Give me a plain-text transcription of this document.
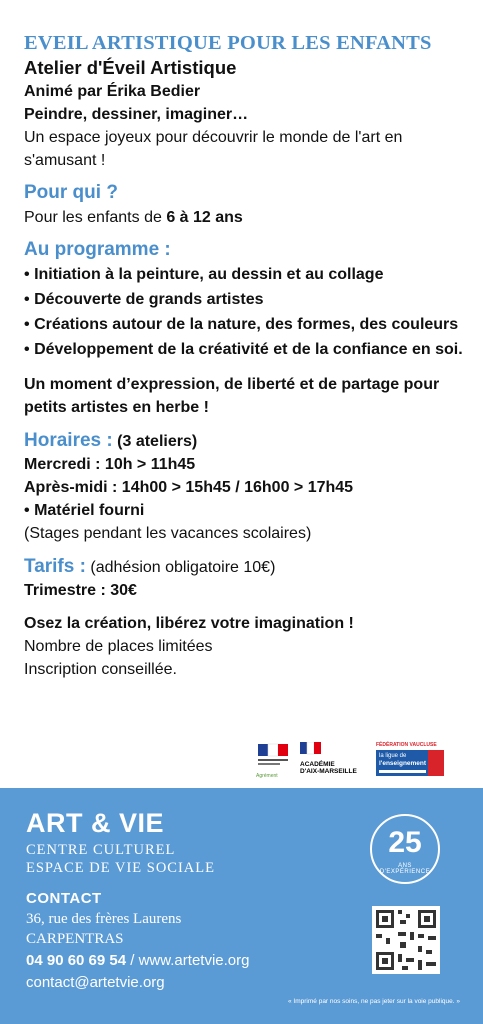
EVEIL ARTISTIQUE POUR LES ENFANTS
Atelier d'Éveil Artistique
Animé par Érika Bedier
Peindre, dessiner, imaginer…
Un espace joyeux pour découvrir le monde de l'art en s'amusant !
Pour qui ?
Pour les enfants de 6 à 12 ans
Au programme :
• Initiation à la peinture, au dessin et au collage
• Découverte de grands artistes
• Créations autour de la nature, des formes, des couleurs
• Développement de la créativité et de la confiance en soi.
Un moment d’expression, de liberté et de partage pour petits artistes en herbe !
Horaires : (3 ateliers)
Mercredi : 10h > 11h45
Après-midi : 14h00 > 15h45 / 16h00 > 17h45
• Matériel fourni
(Stages pendant les vacances scolaires)
Tarifs : (adhésion obligatoire 10€)
Trimestre : 30€
Osez la création, libérez votre imagination !
Nombre de places limitées
Inscription conseillée.
Agrément
ACADÉMIE
D'AIX-MARSEILLE
FÉDÉRATION VAUCLUSE
la ligue de
l'enseignement
ART & VIE
CENTRE CULTUREL
ESPACE DE VIE SOCIALE
CONTACT
36, rue des frères Laurens
CARPENTRAS
04 90 60 69 54 / www.artetvie.org
contact@artetvie.org
25
ANS D'EXPÉRIENCE
« Imprimé par nos soins, ne pas jeter sur la voie publique. »
